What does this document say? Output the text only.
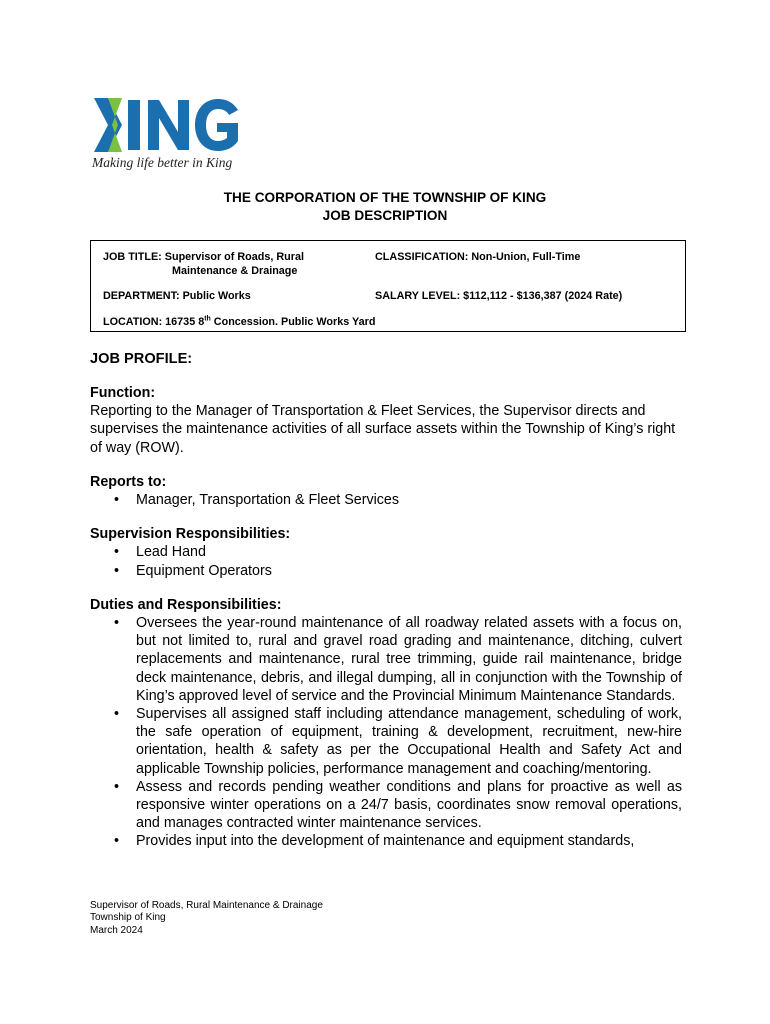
Making life better in King
THE CORPORATION OF THE TOWNSHIP OF KING
JOB DESCRIPTION
JOB TITLE: Supervisor of Roads, Rural
Maintenance & Drainage
CLASSIFICATION: Non-Union, Full-Time
DEPARTMENT: Public Works	SALARY LEVEL: $112,112 - $136,387 (2024 Rate)
LOCATION: 16735 8th Concession. Public Works Yard
JOB PROFILE:
Function:

Reporting to the Manager of Transportation & Fleet Services, the Supervisor directs and supervises the maintenance activities of all surface assets within the Township of King’s right of way (ROW).

Reports to:
• Manager, Transportation & Fleet Services
Supervision Responsibilities:
• Lead Hand
• Equipment Operators
Duties and Responsibilities:
• Oversees the year-round maintenance of all roadway related assets with a focus on, but not limited to, rural and gravel road grading and maintenance, ditching, culvert replacements and maintenance, rural tree trimming, guide rail maintenance, bridge deck maintenance, debris, and illegal dumping, all in conjunction with the Township of King’s approved level of service and the Provincial Minimum Maintenance Standards.
• Supervises all assigned staff including attendance management, scheduling of work, the safe operation of equipment, training & development, recruitment, new-hire orientation, health & safety as per the Occupational Health and Safety Act and applicable Township policies, performance management and coaching/mentoring.
• Assess and records pending weather conditions and plans for proactive as well as responsive winter operations on a 24/7 basis, coordinates snow removal operations, and manages contracted winter maintenance services.
• Provides input into the development of maintenance and equipment standards,
Supervisor of Roads, Rural Maintenance & Drainage
Township of King
March 2024
